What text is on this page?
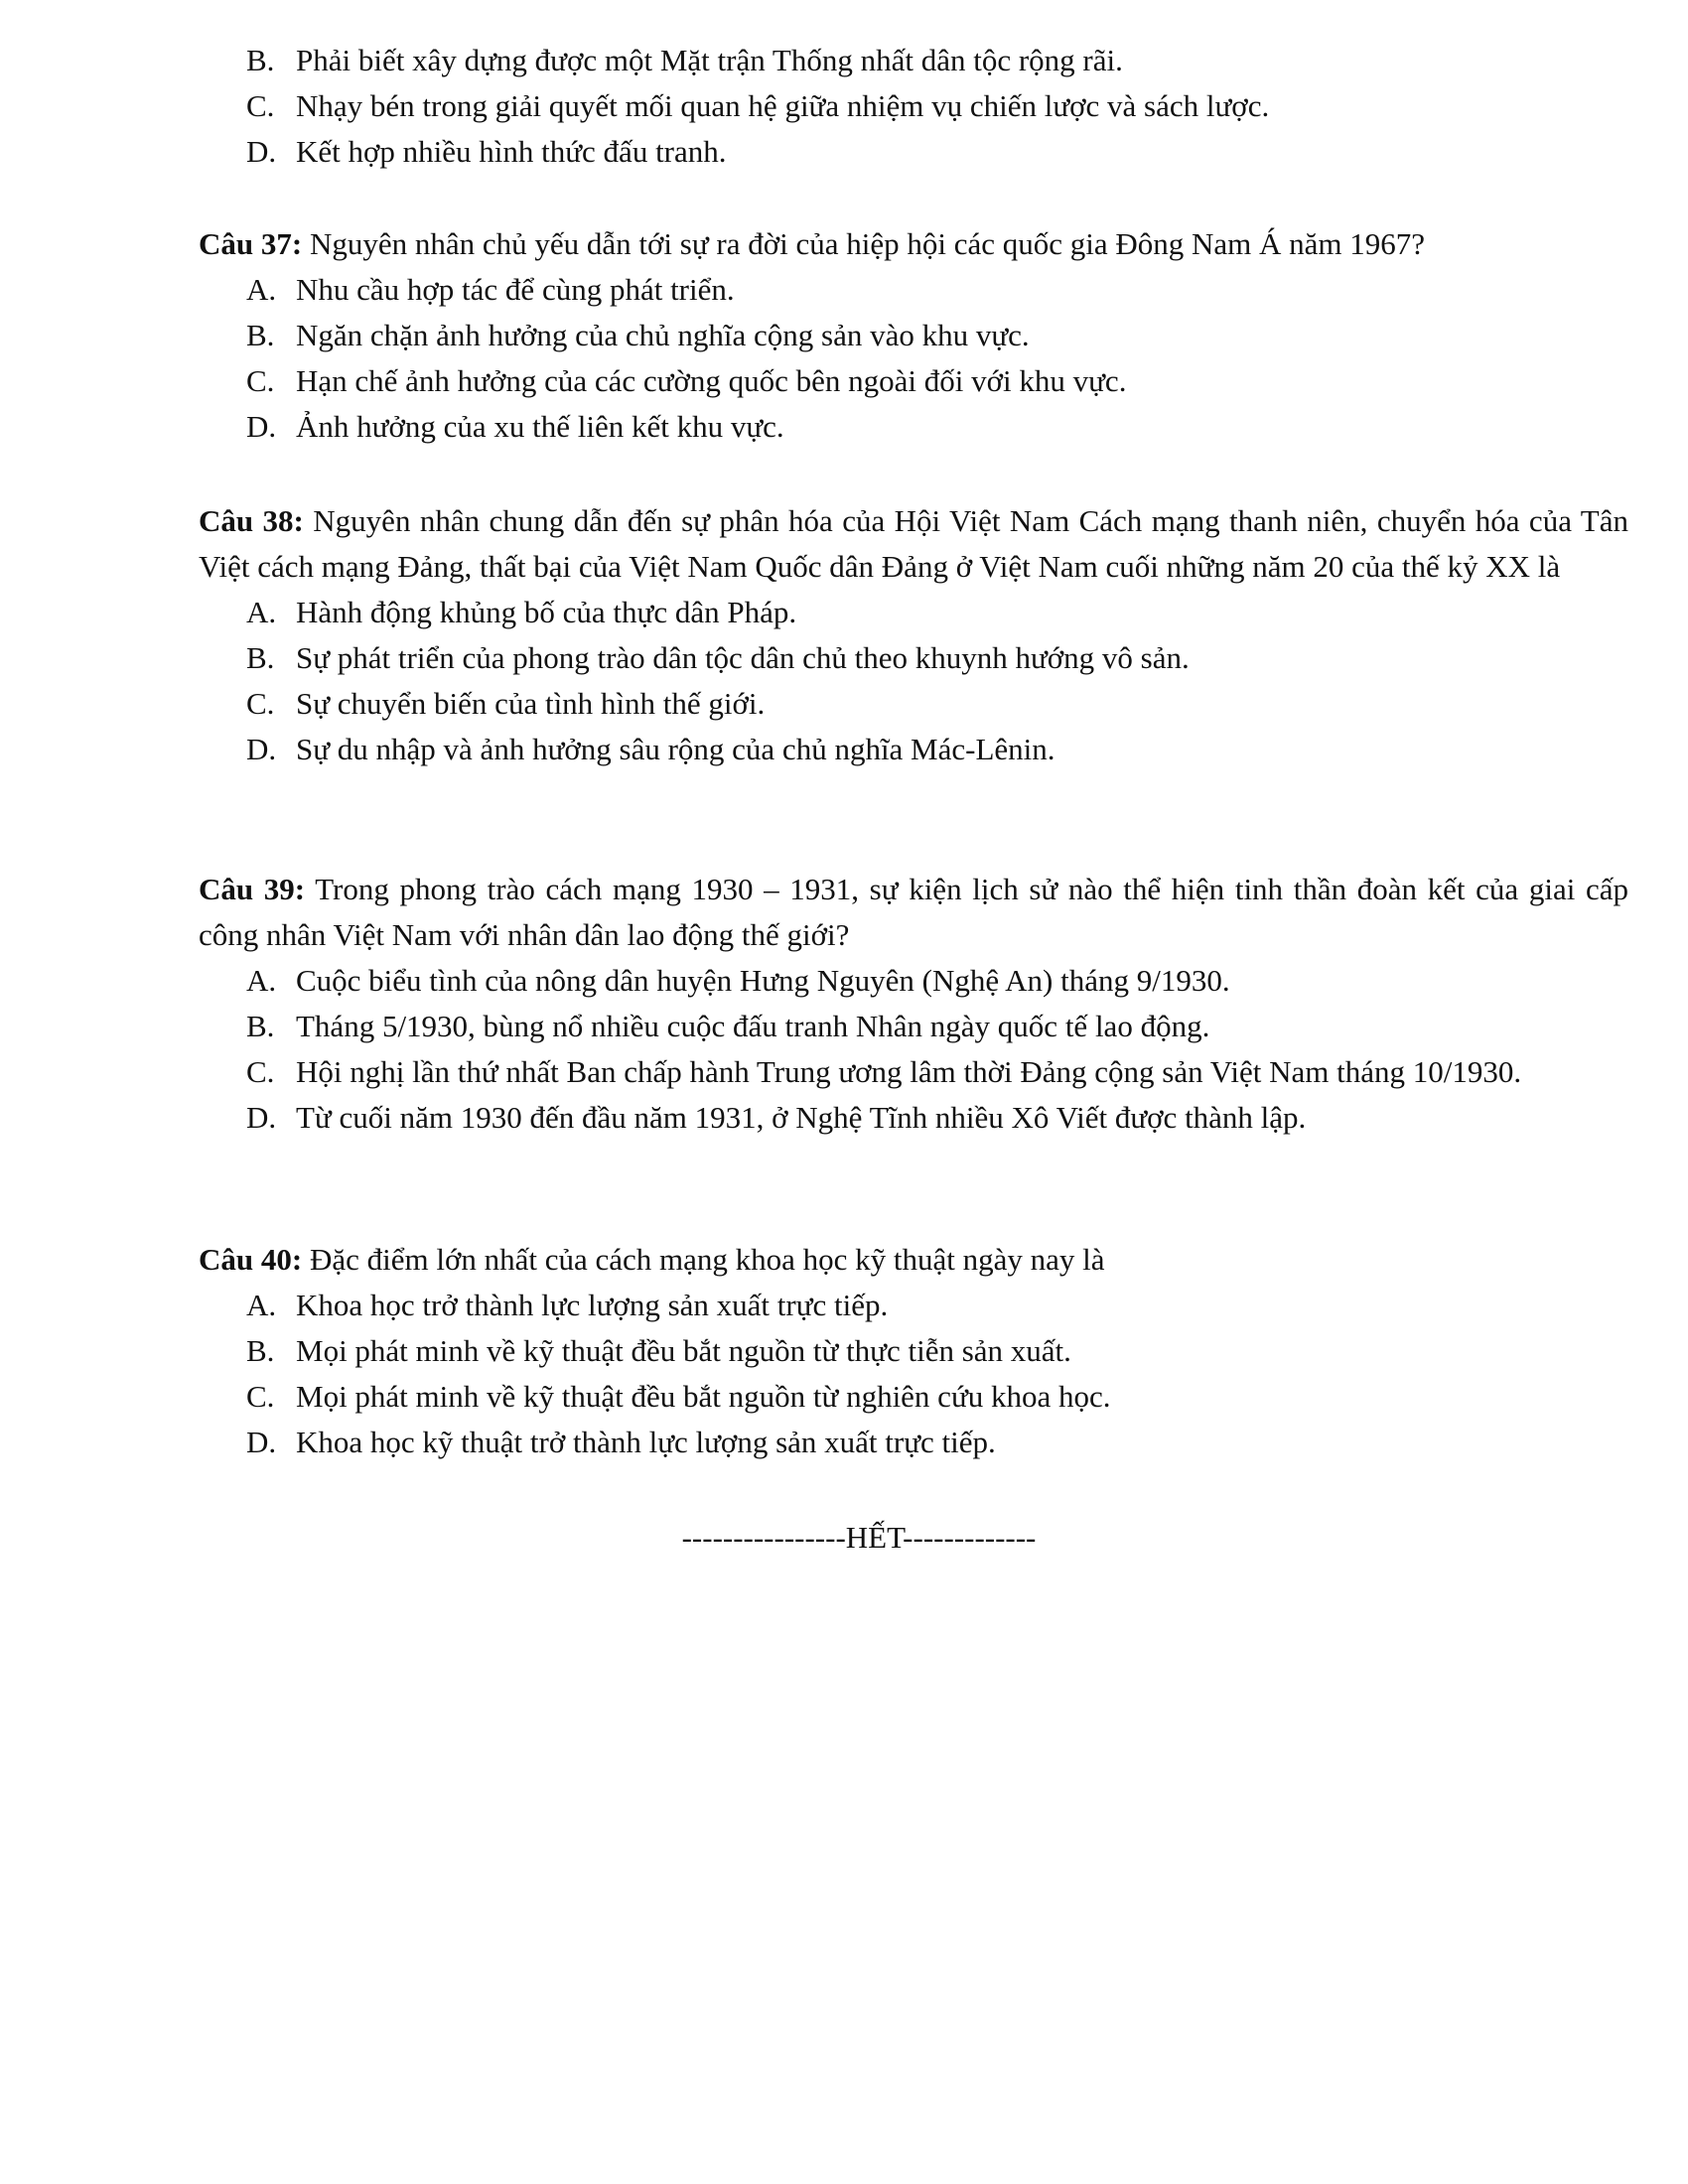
B. Phải biết xây dựng được một Mặt trận Thống nhất dân tộc rộng rãi.
C. Nhạy bén trong giải quyết mối quan hệ giữa nhiệm vụ chiến lược và sách lược.
D. Kết hợp nhiều hình thức đấu tranh.
Câu 37: Nguyên nhân chủ yếu dẫn tới sự ra đời của hiệp hội các quốc gia Đông Nam Á năm 1967?
A. Nhu cầu hợp tác để cùng phát triển.
B. Ngăn chặn ảnh hưởng của chủ nghĩa cộng sản vào khu vực.
C. Hạn chế ảnh hưởng của các cường quốc bên ngoài đối với khu vực.
D. Ảnh hưởng của xu thế liên kết khu vực.
Câu 38: Nguyên nhân chung dẫn đến sự phân hóa của Hội Việt Nam Cách mạng thanh niên, chuyển hóa của Tân Việt cách mạng Đảng, thất bại của Việt Nam Quốc dân Đảng ở Việt Nam cuối những năm 20 của thế kỷ XX là
A. Hành động khủng bố của thực dân Pháp.
B. Sự phát triển của phong trào dân tộc dân chủ theo khuynh hướng vô sản.
C. Sự chuyển biến của tình hình thế giới.
D. Sự du nhập và ảnh hưởng sâu rộng của chủ nghĩa Mác-Lênin.
Câu 39: Trong phong trào cách mạng 1930 – 1931, sự kiện lịch sử nào thể hiện tinh thần đoàn kết của giai cấp công nhân Việt Nam với nhân dân lao động thế giới?
A. Cuộc biểu tình của nông dân huyện Hưng Nguyên (Nghệ An) tháng 9/1930.
B. Tháng 5/1930, bùng nổ nhiều cuộc đấu tranh Nhân ngày quốc tế lao động.
C. Hội nghị lần thứ nhất Ban chấp hành Trung ương lâm thời Đảng cộng sản Việt Nam tháng 10/1930.
D. Từ cuối năm 1930 đến đầu năm 1931, ở Nghệ Tĩnh nhiều Xô Viết được thành lập.
Câu 40: Đặc điểm lớn nhất của cách mạng khoa học kỹ thuật ngày nay là
A. Khoa học trở thành lực lượng sản xuất trực tiếp.
B. Mọi phát minh về kỹ thuật đều bắt nguồn từ thực tiễn sản xuất.
C. Mọi phát minh về kỹ thuật đều bắt nguồn từ nghiên cứu khoa học.
D. Khoa học kỹ thuật trở thành lực lượng sản xuất trực tiếp.
----------------HẾT-------------
